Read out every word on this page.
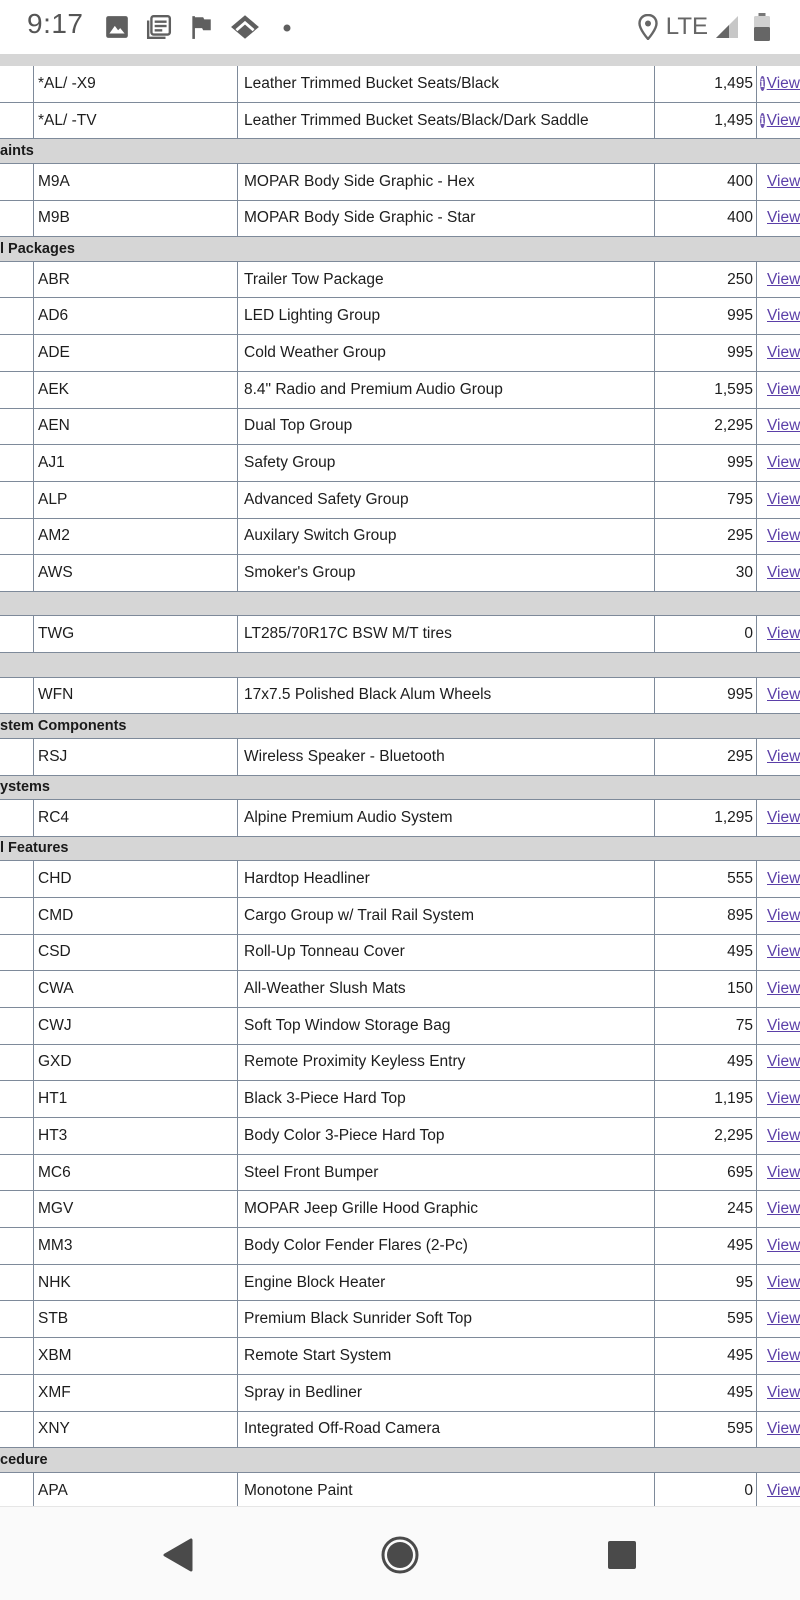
9:17	LTE
*AL/ -X9	Leather Trimmed Bucket Seats/Black	1,495 i View
*AL/ -TV	Leather Trimmed Bucket Seats/Black/Dark Saddle	1,495 i View
aints
M9A	MOPAR Body Side Graphic - Hex	400 View
M9B	MOPAR Body Side Graphic - Star	400 View
l Packages
ABR	Trailer Tow Package	250 View
AD6	LED Lighting Group	995 View
ADE	Cold Weather Group	995 View
AEK	8.4" Radio and Premium Audio Group	1,595 View
AEN	Dual Top Group	2,295 View
AJ1	Safety Group	995 View
ALP	Advanced Safety Group	795 View
AM2	Auxilary Switch Group	295 View
AWS	Smoker's Group	30 View
TWG	LT285/70R17C BSW M/T tires	0 View
WFN	17x7.5 Polished Black Alum Wheels	995 View
stem Components
RSJ	Wireless Speaker - Bluetooth	295 View
ystems
RC4	Alpine Premium Audio System	1,295 View
l Features
CHD	Hardtop Headliner	555 View
CMD	Cargo Group w/ Trail Rail System	895 View
CSD	Roll-Up Tonneau Cover	495 View
CWA	All-Weather Slush Mats	150 View
CWJ	Soft Top Window Storage Bag	75 View
GXD	Remote Proximity Keyless Entry	495 View
HT1	Black 3-Piece Hard Top	1,195 View
HT3	Body Color 3-Piece Hard Top	2,295 View
MC6	Steel Front Bumper	695 View
MGV	MOPAR Jeep Grille Hood Graphic	245 View
MM3	Body Color Fender Flares (2-Pc)	495 View
NHK	Engine Block Heater	95 View
STB	Premium Black Sunrider Soft Top	595 View
XBM	Remote Start System	495 View
XMF	Spray in Bedliner	495 View
XNY	Integrated Off-Road Camera	595 View
cedure
APA	Monotone Paint	0 View
